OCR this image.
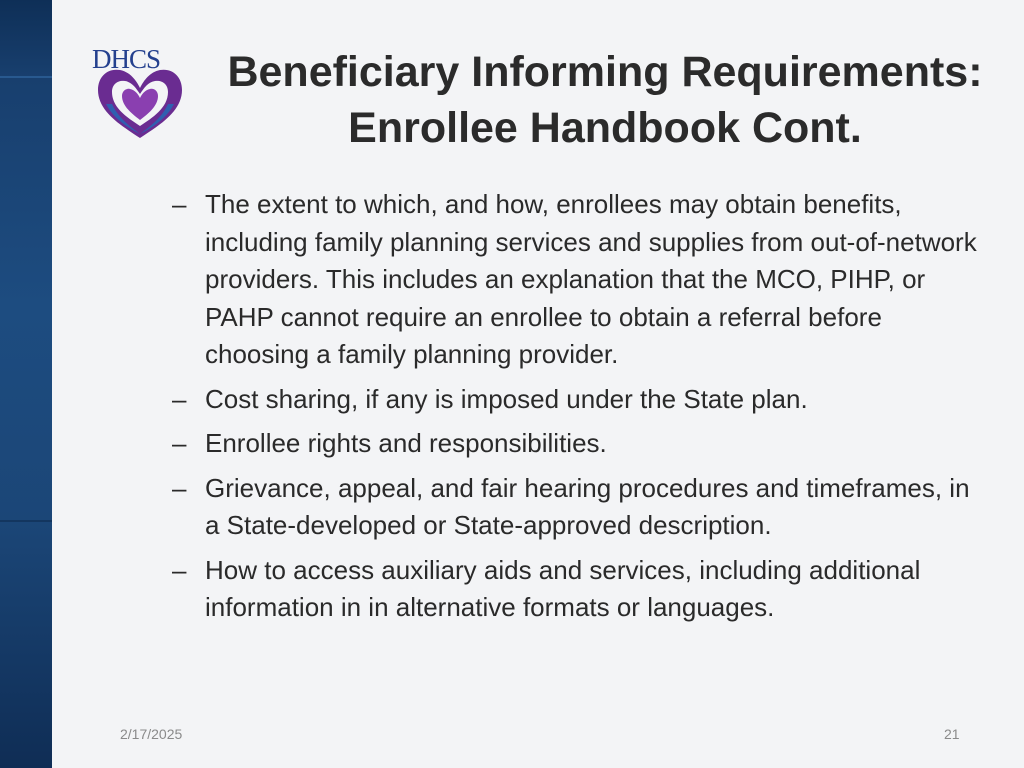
DHCS	Beneficiary Informing Requirements:
Enrollee Handbook Cont.
– The extent to which, and how, enrollees may obtain benefits, including family planning services and supplies from out-of-network providers. This includes an explanation that the MCO, PIHP, or PAHP cannot require an enrollee to obtain a referral before choosing a family planning provider.
– Cost sharing, if any is imposed under the State plan.
– Enrollee rights and responsibilities.
– Grievance, appeal, and fair hearing procedures and timeframes, in a State-developed or State-approved description.
– How to access auxiliary aids and services, including additional information in in alternative formats or languages.
2/17/2025	21
